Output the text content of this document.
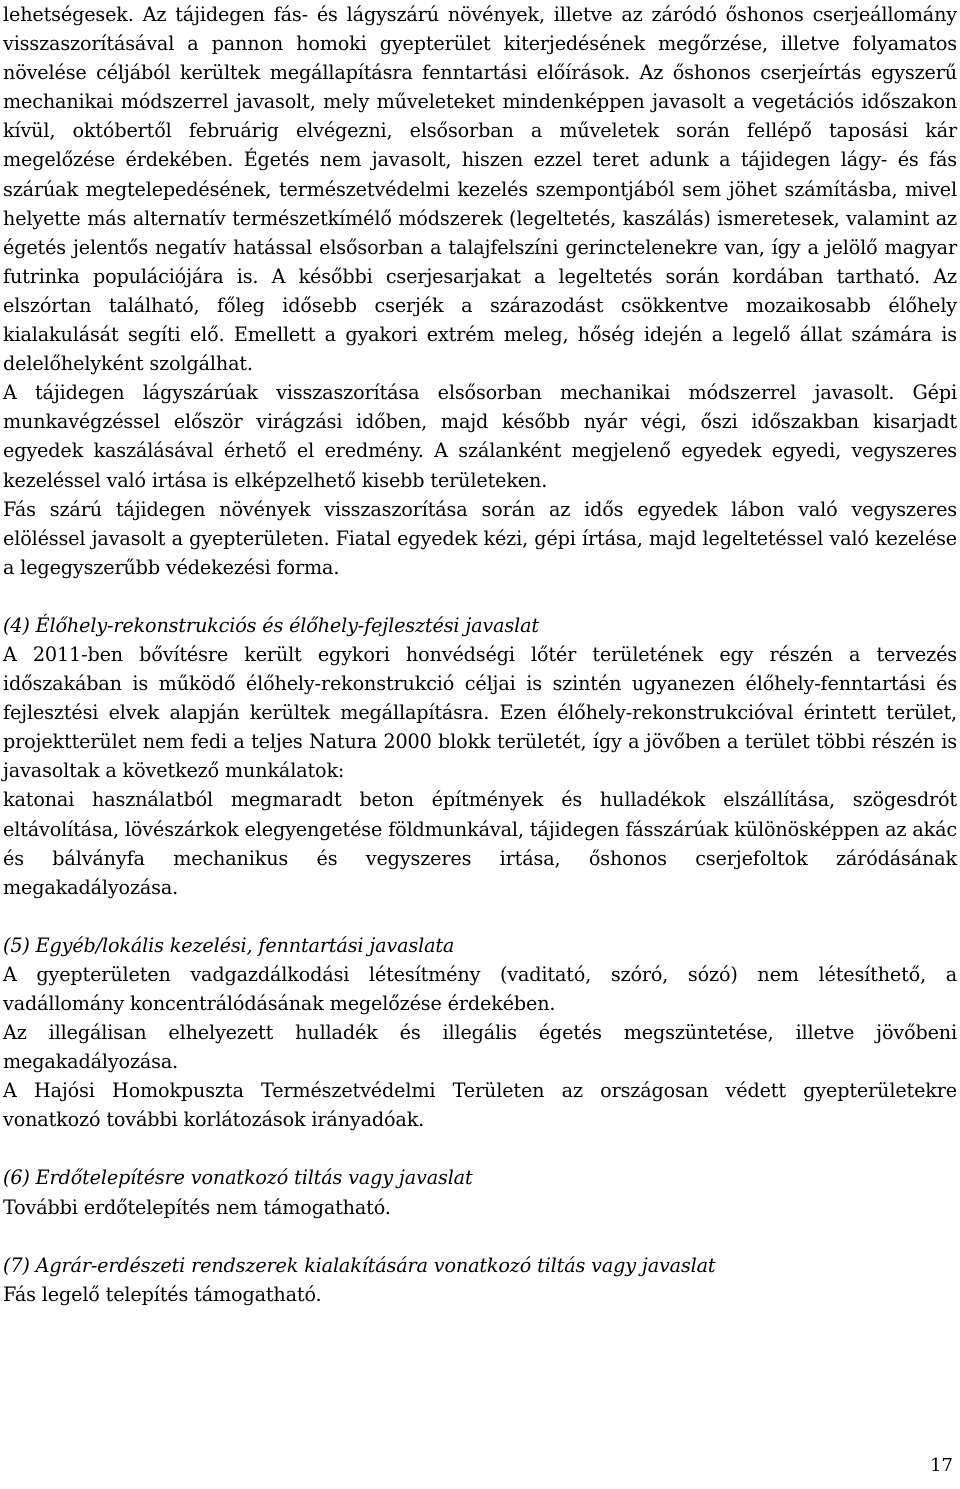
lehetségesek. Az tájidegen fás- és lágyszárú növények, illetve az záródó őshonos cserjeállomány visszaszorításával a pannon homoki gyepterület kiterjedésének megőrzése, illetve folyamatos növelése céljából kerültek megállapításra fenntartási előírások. Az őshonos cserjeírtás egyszerű mechanikai módszerrel javasolt, mely műveleteket mindenképpen javasolt a vegetációs időszakon kívül, októbertől februárig elvégezni, elsősorban a műveletek során fellépő taposási kár megelőzése érdekében. Égetés nem javasolt, hiszen ezzel teret adunk a tájidegen lágy- és fás szárúak megtelepedésének, természetvédelmi kezelés szempontjából sem jöhet számításba, mivel helyette más alternatív természetkímélő módszerek (legeltetés, kaszálás) ismeretesek, valamint az égetés jelentős negatív hatással elsősorban a talajfelszíni gerinctelenekre van, így a jelölő magyar futrinka populációjára is. A későbbi cserjesarjakat a legeltetés során kordában tartható. Az elszórtan található, főleg idősebb cserjék a szárazodást csökkentve mozaikosabb élőhely kialakulását segíti elő. Emellett a gyakori extrém meleg, hőség idején a legelő állat számára is delelőhelyként szolgálhat.

A tájidegen lágyszárúak visszaszorítása elsősorban mechanikai módszerrel javasolt. Gépi munkavégzéssel először virágzási időben, majd később nyár végi, őszi időszakban kisarjadt egyedek kaszálásával érhető el eredmény. A szálanként megjelenő egyedek egyedi, vegyszeres kezeléssel való irtása is elképzelhető kisebb területeken.

Fás szárú tájidegen növények visszaszorítása során az idős egyedek lábon való vegyszeres elöléssel javasolt a gyepterületen. Fiatal egyedek kézi, gépi írtása, majd legeltetéssel való kezelése a legegyszerűbb védekezési forma.

(4) Élőhely-rekonstrukciós és élőhely-fejlesztési javaslat

A 2011-ben bővítésre került egykori honvédségi lőtér területének egy részén a tervezés időszakában is működő élőhely-rekonstrukció céljai is szintén ugyanezen élőhely-fenntartási és fejlesztési elvek alapján kerültek megállapításra. Ezen élőhely-rekonstrukcióval érintett terület, projektterület nem fedi a teljes Natura 2000 blokk területét, így a jövőben a terület többi részén is javasoltak a következő munkálatok:

katonai használatból megmaradt beton építmények és hulladékok elszállítása, szögesdrót eltávolítása, lövészárkok elegyengetése földmunkával, tájidegen fásszárúak különösképpen az akác és bálványfa mechanikus és vegyszeres irtása, őshonos cserjefoltok záródásának megakadályozása.

(5) Egyéb/lokális kezelési, fenntartási javaslata

A gyepterületen vadgazdálkodási létesítmény (vaditató, szóró, sózó) nem létesíthető, a vadállomány koncentrálódásának megelőzése érdekében.

Az illegálisan elhelyezett hulladék és illegális égetés megszüntetése, illetve jövőbeni megakadályozása.

A Hajósi Homokpuszta Természetvédelmi Területen az országosan védett gyepterületekre vonatkozó további korlátozások irányadóak.

(6) Erdőtelepítésre vonatkozó tiltás vagy javaslat

További erdőtelepítés nem támogatható.

(7) Agrár-erdészeti rendszerek kialakítására vonatkozó tiltás vagy javaslat

Fás legelő telepítés támogatható.

17
